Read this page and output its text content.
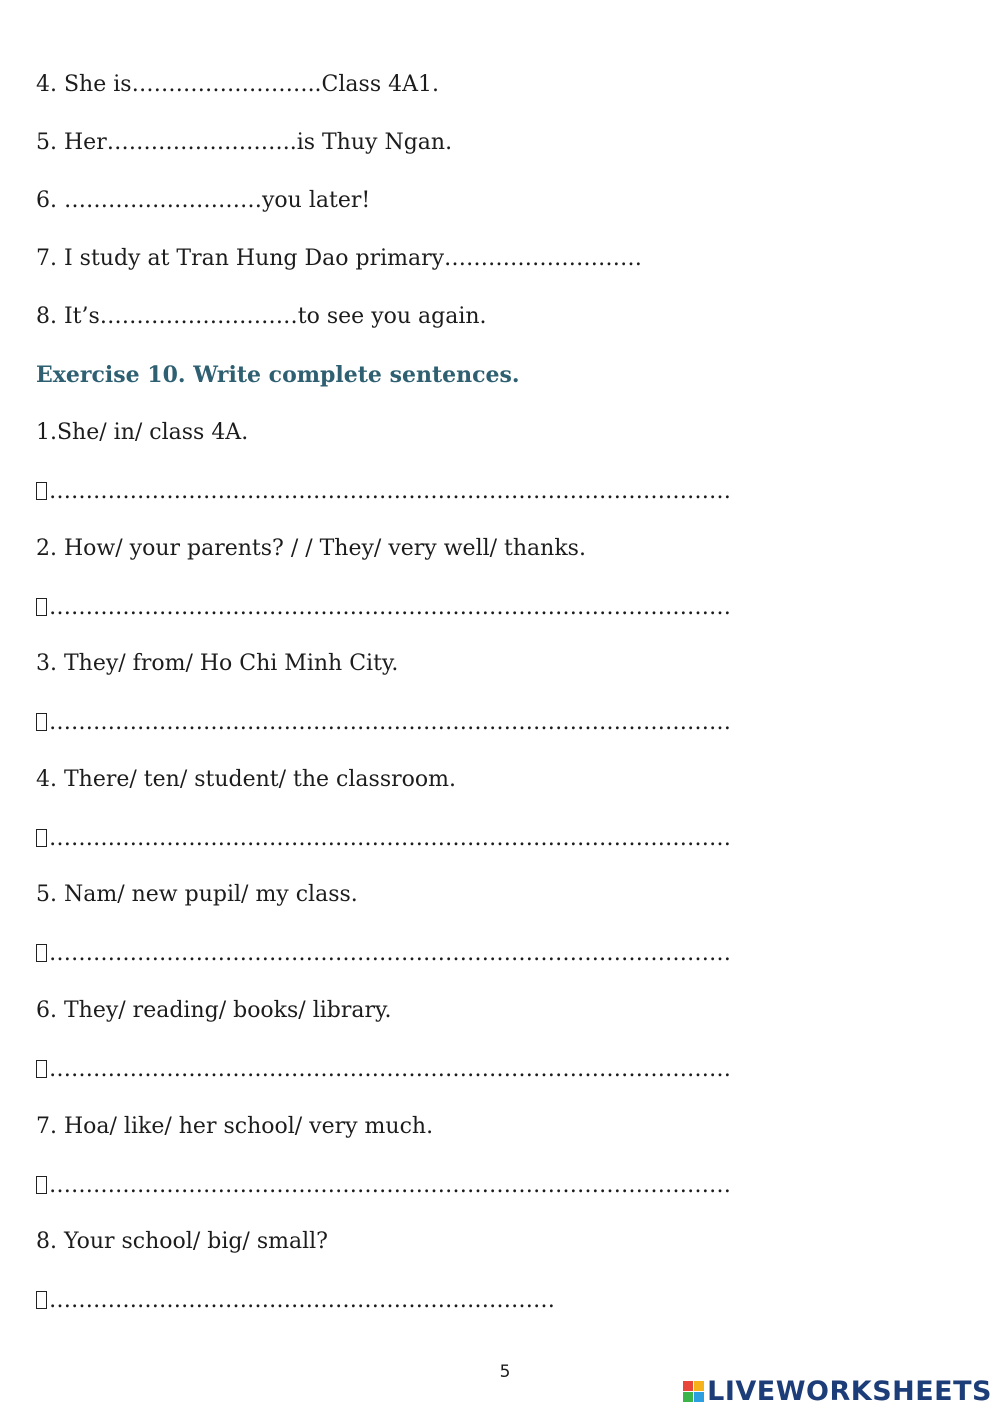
4. She is……………………..Class 4A1.
5. Her……………………..is Thuy Ngan.
6. ………………………you later!
7. I study at Tran Hung Dao primary………………………
8. It’s………………………to see you again.
Exercise 10. Write complete sentences.
1.She/ in/ class 4A.
…………………………………………………………………………………
2. How/ your parents? / / They/ very well/ thanks.
…………………………………………………………………………………
3. They/ from/ Ho Chi Minh City.
…………………………………………………………………………………
4. There/ ten/ student/ the classroom.
…………………………………………………………………………………
5. Nam/ new pupil/ my class.
…………………………………………………………………………………
6. They/ reading/ books/ library.
…………………………………………………………………………………
7. Hoa/ like/ her school/ very much.
…………………………………………………………………………………
8. Your school/ big/ small?
……………………………………………………………
5
LIVEWORKSHEETS
